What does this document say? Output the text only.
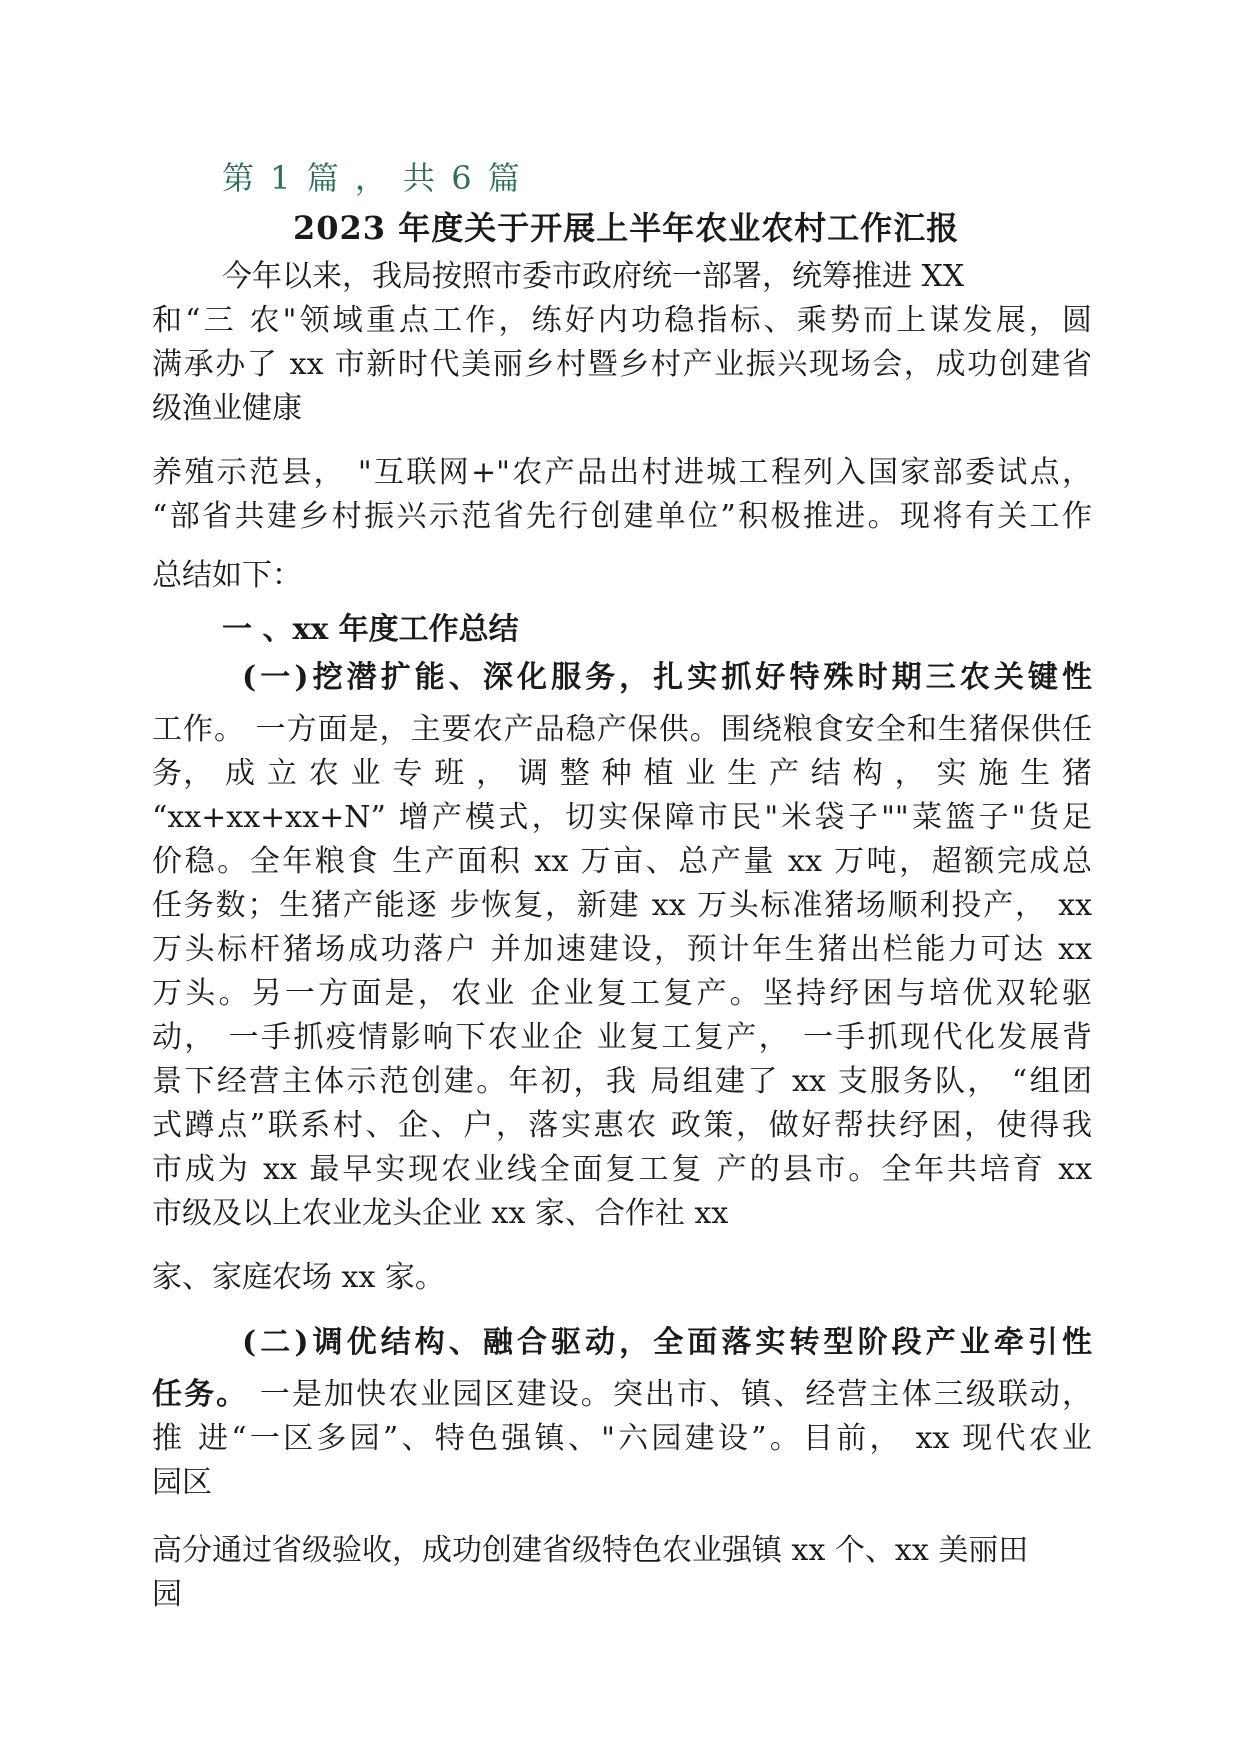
第 1 篇 ， 共 6 篇
2023 年度关于开展上半年农业农村工作汇报
今年以来，我局按照市委市政府统一部署，统筹推进 XX
和“三 农"领域重点工作，练好内功稳指标、乘势而上谋发展，圆
满承办了 xx 市新时代美丽乡村暨乡村产业振兴现场会，成功创建省
级渔业健康
养殖示范县， "互联网+"农产品出村进城工程列入国家部委试点，
“部省共建乡村振兴示范省先行创建单位”积极推进。现将有关工作
总结如下：
一 、xx 年度工作总结
(一)挖潜扩能、深化服务，扎实抓好特殊时期三农关键性
工作。 一方面是，主要农产品稳产保供。围绕粮食安全和生猪保供任
务， 成 立 农 业 专 班 ， 调 整 种 植 业 生 产 结 构 ， 实 施 生 猪
“xx+xx+xx+N” 增产模式，切实保障市民"米袋子""菜篮子"货足
价稳。全年粮食 生产面积 xx 万亩、总产量 xx 万吨，超额完成总
任务数；生猪产能逐 步恢复，新建 xx 万头标准猪场顺利投产， xx
万头标杆猪场成功落户 并加速建设，预计年生猪出栏能力可达 xx
万头。另一方面是，农业 企业复工复产。坚持纾困与培优双轮驱
动， 一手抓疫情影响下农业企 业复工复产， 一手抓现代化发展背
景下经营主体示范创建。年初，我 局组建了 xx 支服务队， “组团
式蹲点”联系村、企、户，落实惠农 政策，做好帮扶纾困，使得我
市成为 xx 最早实现农业线全面复工复 产的县市。全年共培育 xx
市级及以上农业龙头企业 xx 家、合作社 xx
家、家庭农场 xx 家。
(二)调优结构、融合驱动，全面落实转型阶段产业牵引性
任务。 一是加快农业园区建设。突出市、镇、经营主体三级联动，
推 进“一区多园”、特色强镇、"六园建设”。目前， xx 现代农业
园区
高分通过省级验收，成功创建省级特色农业强镇 xx 个、xx 美丽田
园
